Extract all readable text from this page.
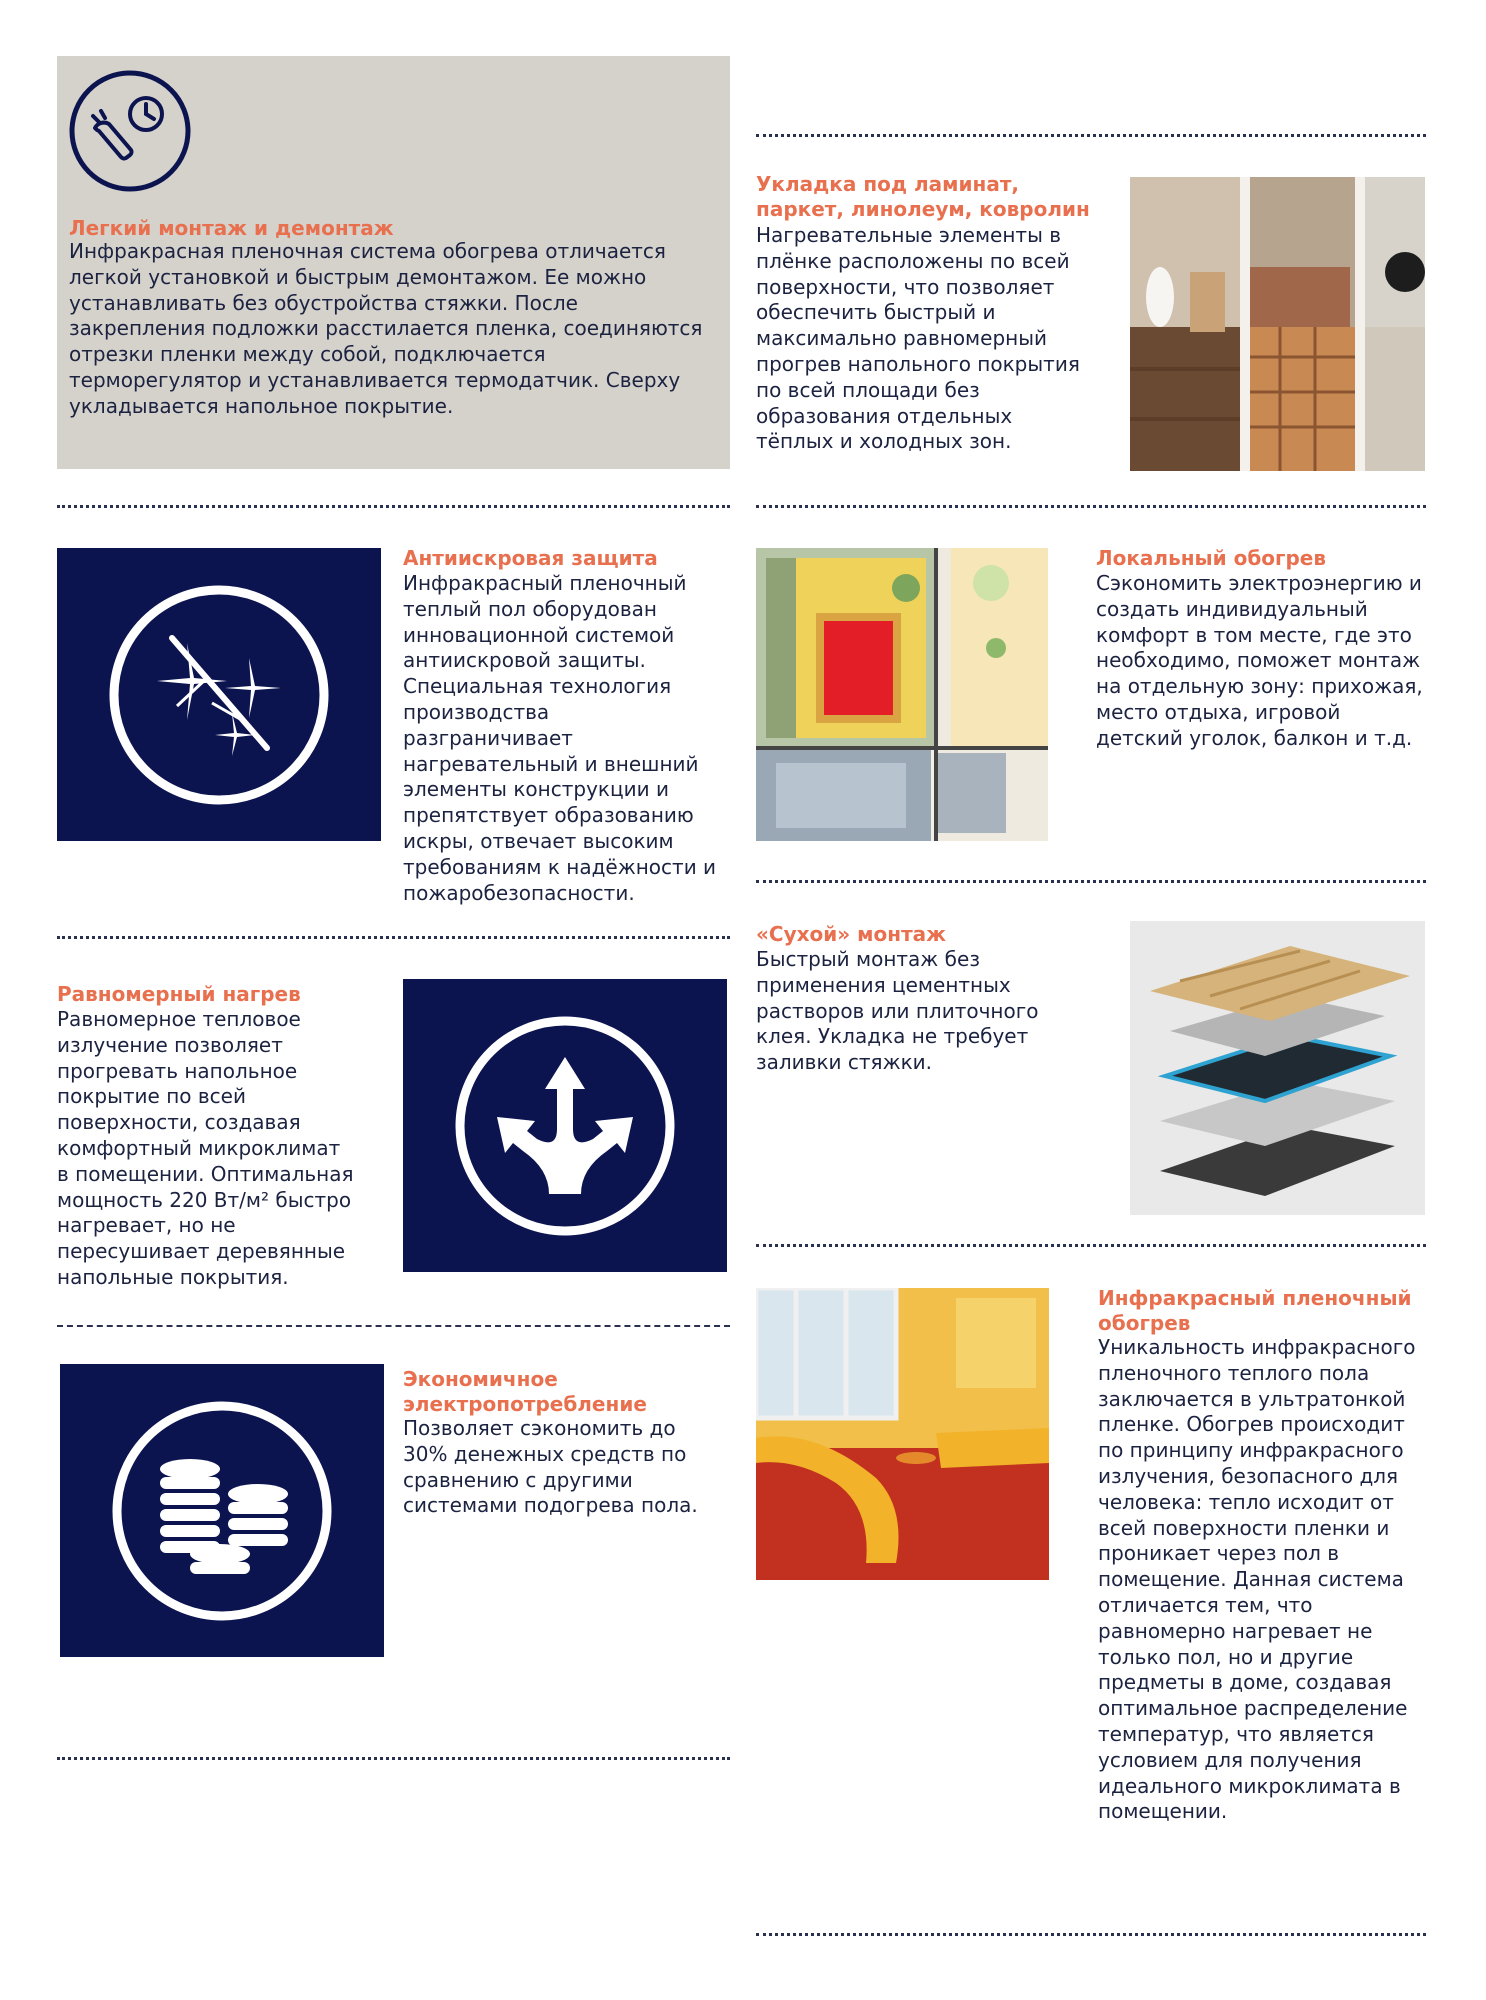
Легкий монтаж и демонтаж
Инфракрасная пленочная система обогрева отличается легкой установкой и быстрым демонтажом. Ее можно устанавливать без обустройства стяжки. После закрепления подложки расстилается пленка, соединяются отрезки пленки между собой, подключается терморегулятор и устанавливается термодатчик. Сверху укладывается напольное покрытие.
Укладка под ламинат, паркет, линолеум, ковролин
Нагревательные элементы в плёнке расположены по всей поверхности, что позволяет обеспечить быстрый и максимально равномерный прогрев напольного покрытия по всей площади без образования отдельных тёплых и холодных зон.
Антиискровая защита
Инфракрасный пленочный теплый пол оборудован инновационной системой антиискровой защиты. Специальная технология производства разграничивает нагревательный и внешний элементы конструкции и препятствует образованию искры, отвечает высоким требованиям к надёжности и пожаробезопасности.
Локальный обогрев
Сэкономить электроэнергию и создать индивидуальный комфорт в том месте, где это необходимо, поможет монтаж на отдельную зону: прихожая, место отдыха, игровой детский уголок, балкон и т.д.
Равномерный нагрев
Равномерное тепловое излучение позволяет прогревать напольное покрытие по всей поверхности, создавая комфортный микроклимат в помещении. Оптимальная мощность 220 Вт/м² быстро нагревает, но не пересушивает деревянные напольные покрытия.
«Сухой» монтаж
Быстрый монтаж без применения цементных растворов или плиточного клея. Укладка не требует заливки стяжки.
Экономичное электропотребление
Позволяет сэкономить до 30% денежных средств по сравнению с другими системами подогрева пола.
Инфракрасный пленочный обогрев
Уникальность инфракрасного пленочного теплого пола заключается в ультратонкой пленке. Обогрев происходит по принципу инфракрасного излучения, безопасного для человека: тепло исходит от всей поверхности пленки и проникает через пол в помещение. Данная система отличается тем, что равномерно нагревает не только пол, но и другие предметы в доме, создавая оптимальное распределение температур, что является условием для получения идеального микроклимата в помещении.
